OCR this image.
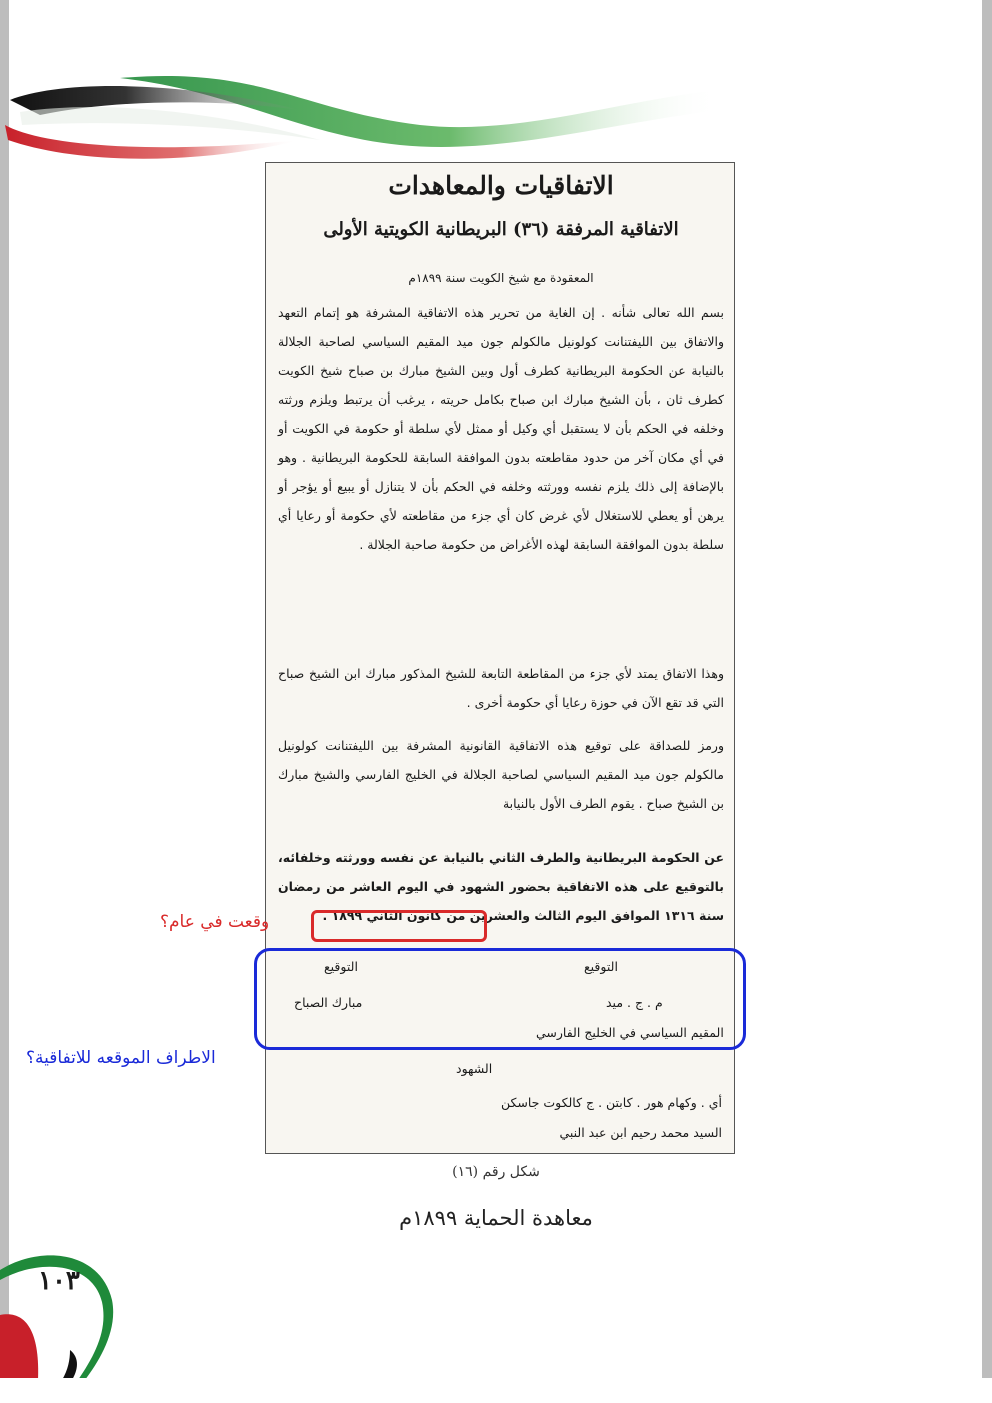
الاتفاقيات والمعاهدات
الاتفاقية المرفقة (٣٦) البريطانية الكويتية الأولى
المعقودة مع شيخ الكويت سنة ١٨٩٩م

بسم الله تعالى شأنه . إن الغاية من تحرير هذه الاتفاقية المشرفة هو إتمام التعهد والاتفاق بين الليفتنانت كولونيل مالكولم جون ميد المقيم السياسي لصاحبة الجلالة بالنيابة عن الحكومة البريطانية كطرف أول وبين الشيخ مبارك بن صباح شيخ الكويت كطرف ثان ، بأن الشيخ مبارك ابن صباح بكامل حريته ، يرغب أن يرتبط ويلزم ورثته وخلفه في الحكم بأن لا يستقبل أي وكيل أو ممثل لأي سلطة أو حكومة في الكويت أو في أي مكان آخر من حدود مقاطعته بدون الموافقة السابقة للحكومة البريطانية . وهو بالإضافة إلى ذلك يلزم نفسه وورثته وخلفه في الحكم بأن لا يتنازل أو يبيع أو يؤجر أو يرهن أو يعطي للاستغلال لأي غرض كان أي جزء من مقاطعته لأي حكومة أو رعايا أي سلطة بدون الموافقة السابقة لهذه الأغراض من حكومة صاحبة الجلالة .

وهذا الاتفاق يمتد لأي جزء من المقاطعة التابعة للشيخ المذكور مبارك ابن الشيخ صباح التي قد تقع الآن في حوزة رعايا أي حكومة أخرى .

ورمز للصداقة على توقيع هذه الاتفاقية القانونية المشرفة بين الليفتنانت كولونيل مالكولم جون ميد المقيم السياسي لصاحبة الجلالة في الخليج الفارسي والشيخ مبارك بن الشيخ صباح . يقوم الطرف الأول بالنيابة

عن الحكومة البريطانية والطرف الثاني بالنيابة عن نفسه وورثته وخلفائه، بالتوقيع على هذه الاتفاقية بحضور الشهود في اليوم العاشر من رمضان سنة ١٣١٦ الموافق اليوم الثالث والعشرين من كانون الثاني ١٨٩٩ .

التوقيع
التوقيع
م . ج . ميد
مبارك الصباح
المقيم السياسي في الخليج الفارسي
الشهود
أي . وكهام هور . كابتن . ج كالكوت جاسكن
السيد محمد رحيم ابن عبد النبي
وقعت في عام؟
الاطراف الموقعه للاتفاقية؟
شكل رقم (١٦)
معاهدة الحماية ١٨٩٩م
١٠٣
